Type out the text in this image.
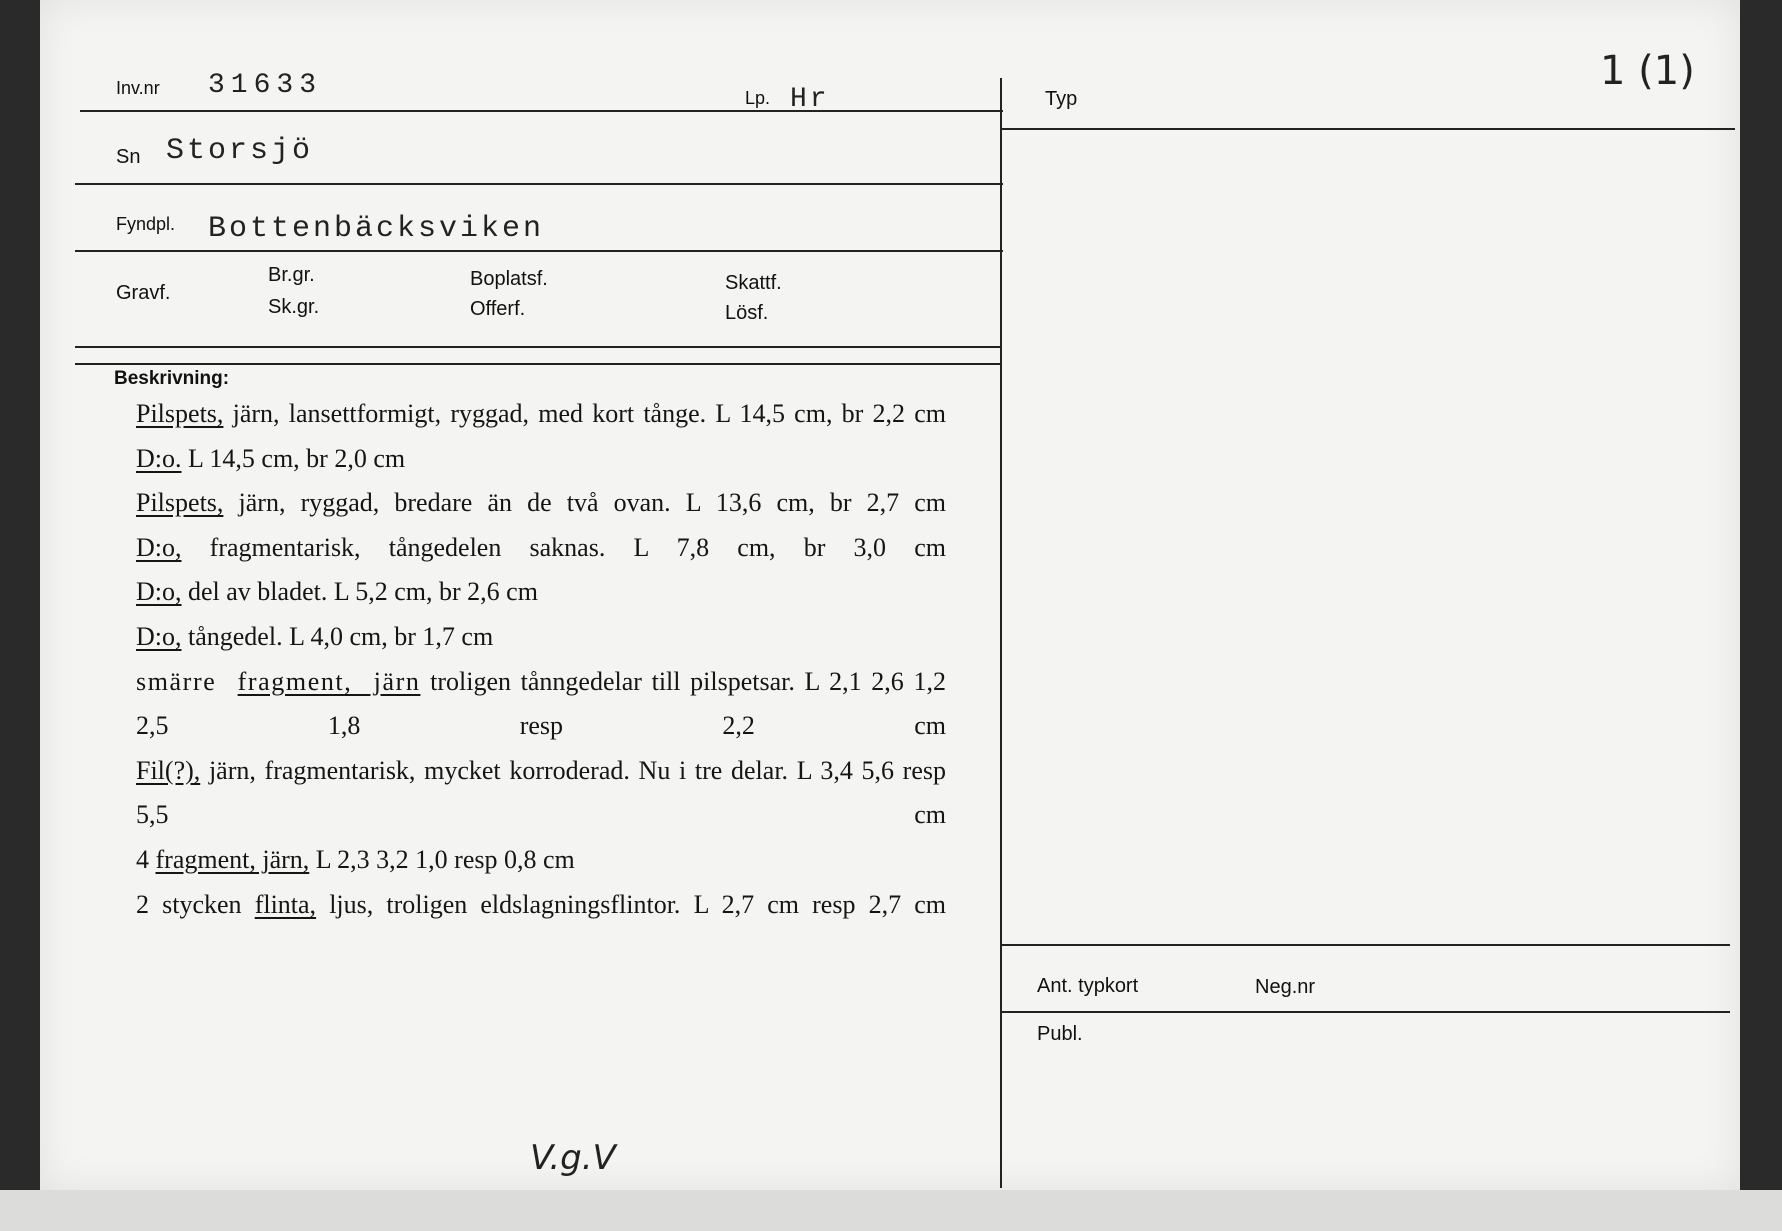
Inv.nr 31633	Lp. Hr
Sn Storsjö
Fyndpl. Bottenbäcksviken
Gravf.
Br.gr.
Sk.gr.
Boplatsf.
Offerf.
Skattf.
Lösf.
Beskrivning:
Typ
1 (1)
Ant. typkort	Neg.nr
Publ.

Pilspets, järn, lansettformigt, ryggad, med kort tånge. L 14,5 cm, br 2,2 cm

D:o. L 14,5 cm, br 2,0 cm

Pilspets, järn, ryggad, bredare än de två ovan. L 13,6 cm, br 2,7 cm

D:o, fragmentarisk, tångedelen saknas. L 7,8 cm, br 3,0 cm

D:o, del av bladet. L 5,2 cm, br 2,6 cm

D:o, tångedel. L 4,0 cm, br 1,7 cm

smärre fragment, järn troligen tånngedelar till pilspetsar. L 2,1 2,6 1,2 2,5 1,8 resp 2,2 cm

Fil(?), järn, fragmentarisk, mycket korroderad. Nu i tre delar. L 3,4 5,6 resp 5,5 cm

4 fragment, järn, L 2,3 3,2 1,0 resp 0,8 cm

2 stycken flinta, ljus, troligen eldslagningsflintor. L 2,7 cm resp 2,7 cm

V.g.V
